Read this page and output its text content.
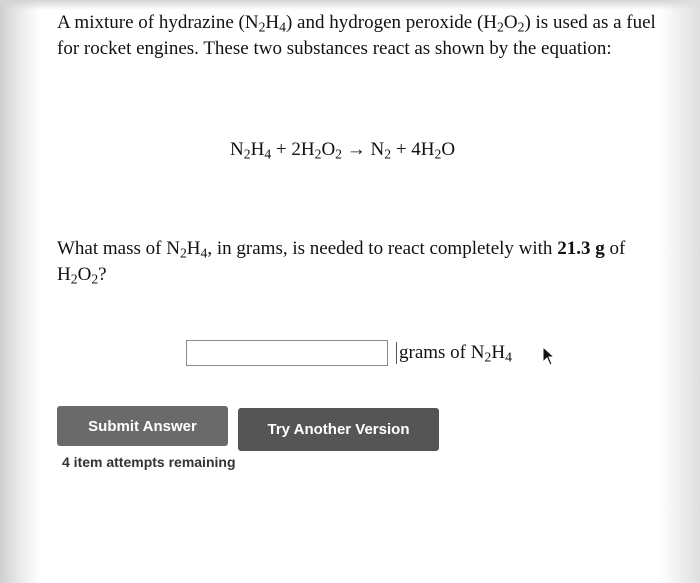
A mixture of hydrazine $(N_2H_4)$ and hydrogen peroxide $(H_2O_2)$ is used as a fuel for rocket engines. These two substances react as shown by the equation:

$N_2H_4 + 2H_2O_2 \to N_2 + 4H_2O$

What mass of $N_2H_4$, in grams, is needed to react completely with 21.3 g of $H_2O_2$?

grams of $N_2H_4$
Submit Answer	Try Another Version
4 item attempts remaining
